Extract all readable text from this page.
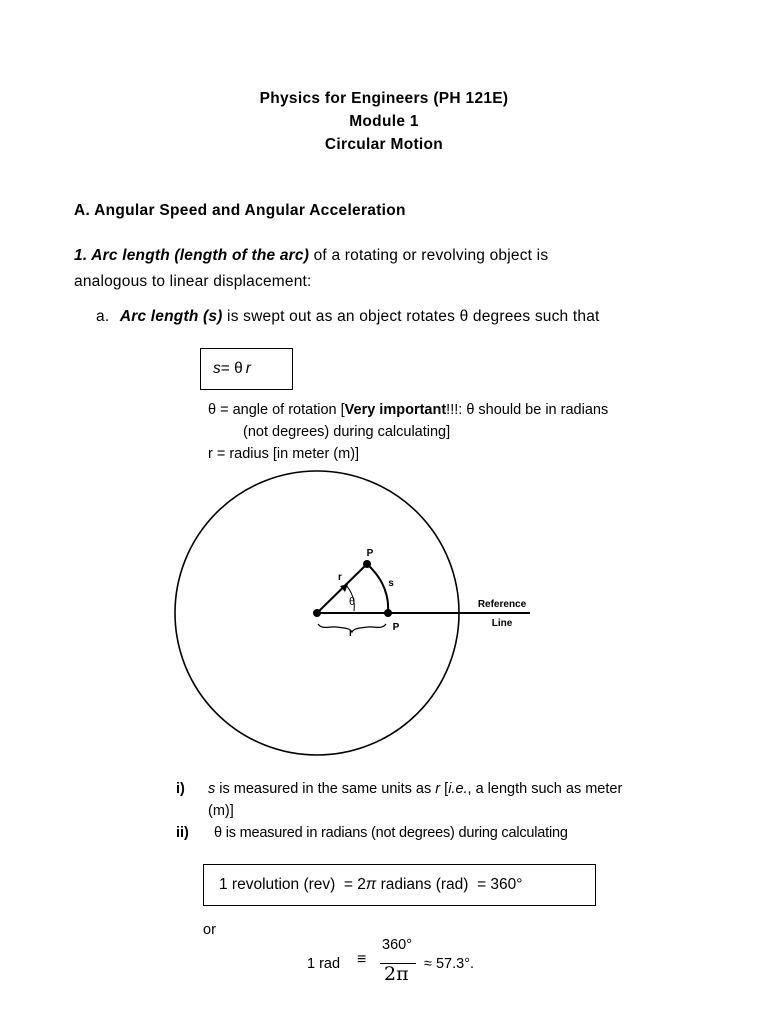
Physics for Engineers (PH 121E)
Module 1
Circular Motion
A. Angular Speed and Angular Acceleration
1. Arc length (length of the arc) of a rotating or revolving object is
analogous to linear displacement:
a. Arc length (s) is swept out as an object rotates θ degrees such that
s = θ r
θ = angle of rotation [Very important!!!: θ should be in radians
(not degrees) during calculating]
r = radius [in meter (m)]
P
r
s
θ
P
r
Reference
Line
i) s is measured in the same units as r [i.e., a length such as meter
(m)]
ii) θ is measured in radians (not degrees) during calculating
1 revolution (rev)  = 2 π radians (rad)  = 360°
or
1 rad ≡
360°
2π ≈ 57.3°.
